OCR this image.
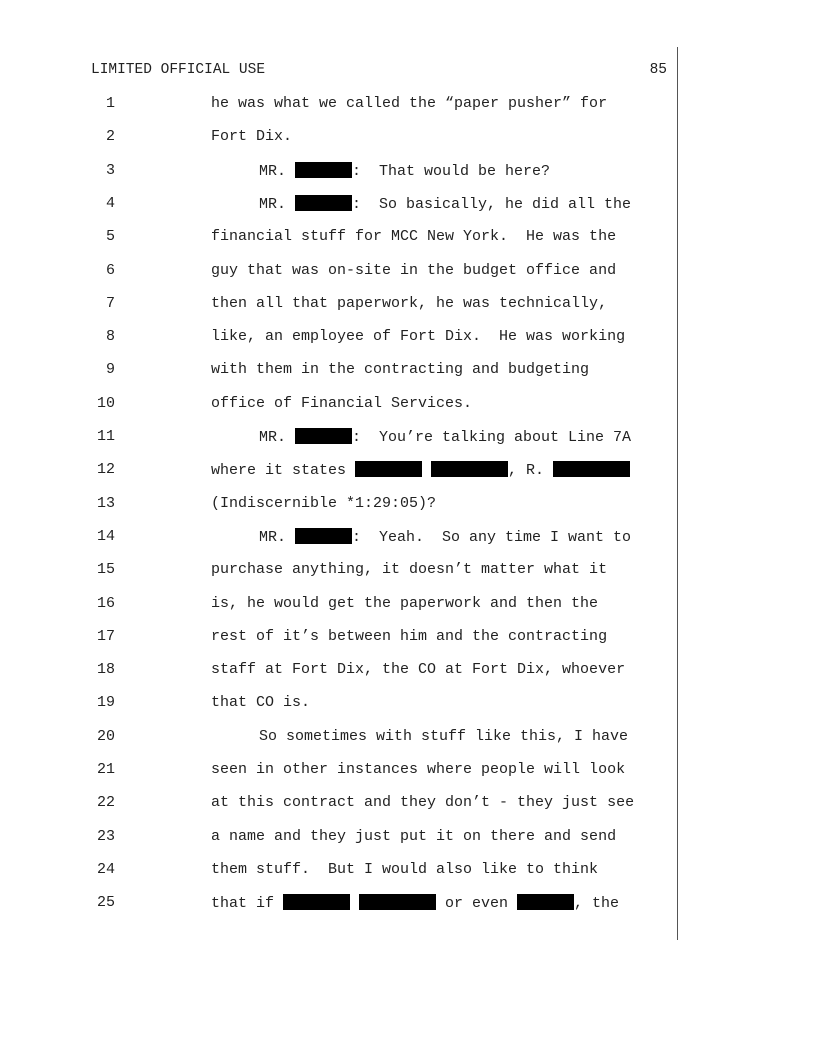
LIMITED OFFICIAL USE	85
1	he was what we called the “paper pusher” for
2	Fort Dix.
3	MR.	:  That would be here?
4	MR.	:  So basically, he did all the
5	financial stuff for MCC New York.  He was the
6	guy that was on-site in the budget office and
7	then all that paperwork, he was technically,
8	like, an employee of Fort Dix.  He was working
9	with them in the contracting and budgeting
10	office of Financial Services.
11	MR.	:  You’re talking about Line 7A
12	where it states	, R.
13	(Indiscernible *1:29:05)?
14	MR.	:  Yeah.  So any time I want to
15	purchase anything, it doesn’t matter what it
16	is, he would get the paperwork and then the
17	rest of it’s between him and the contracting
18	staff at Fort Dix, the CO at Fort Dix, whoever
19	that CO is.
20	So sometimes with stuff like this, I have
21	seen in other instances where people will look
22	at this contract and they don’t - they just see
23	a name and they just put it on there and send
24	them stuff.  But I would also like to think
25	that if	or even	, the
